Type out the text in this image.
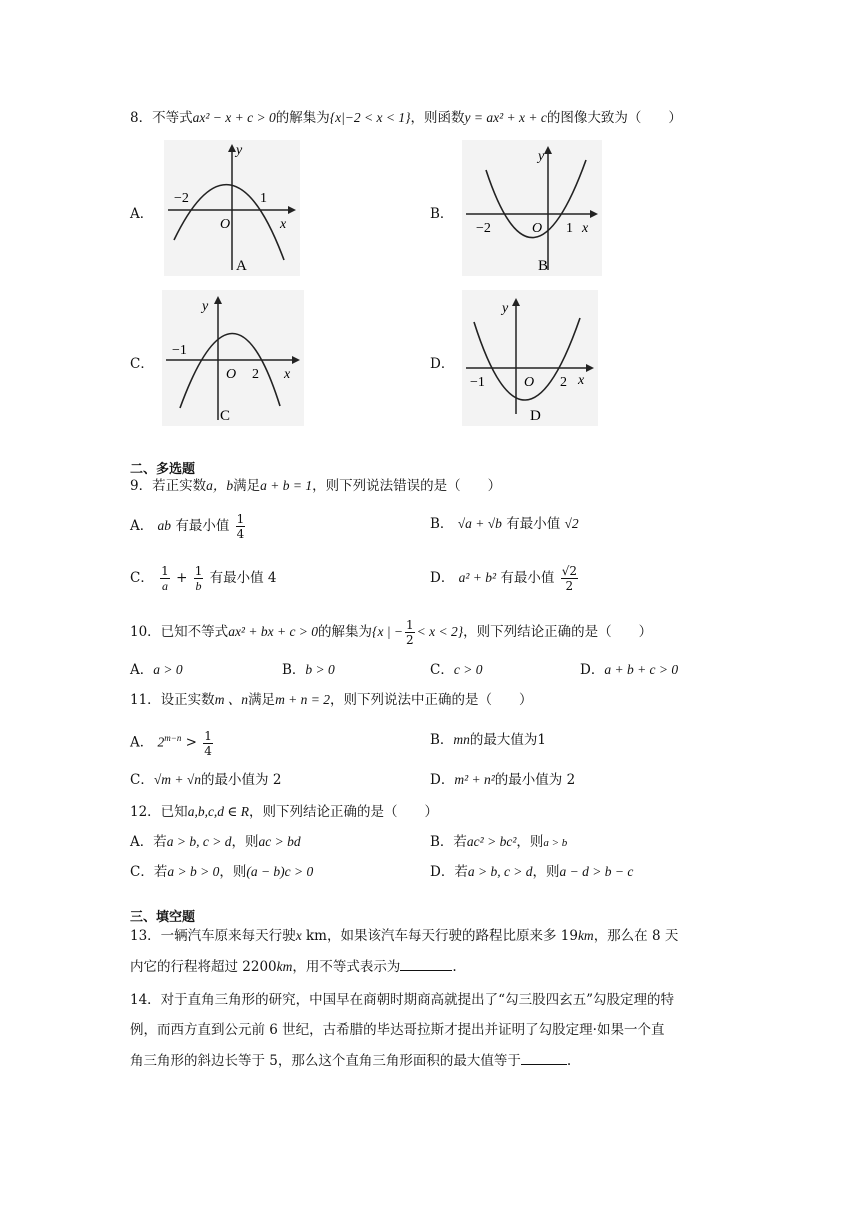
8．不等式ax² − x + c > 0的解集为{x|−2 < x < 1}，则函数y = ax² + x + c的图像大致为（　　）
A．
y
−2	1
O	x
A
B．
y
−2	O 1 x
B
C．
y
−1
O 2 x
C
D．
y
−1	O 2 x
D
二、多选题
9．若正实数a，b满足a + b = 1，则下列说法错误的是（　　）
A． ab 有最小值 $\frac{1}{4}$	B． √a + √b 有最小值 √2
C． $\frac{1}{a} + \frac{1}{b}$ 有最小值 4	D． a² + b² 有最小值 $\frac{√2}{2}$
10．已知不等式ax² + bx + c > 0的解集为{x | − $\frac{1}{2} < x < 2$}，则下列结论正确的是（　　）
A．a > 0	B．b > 0	C．c > 0	D．a + b + c > 0
11．设正实数m 、n满足m + n = 2，则下列说法中正确的是（　　）
A． $2^{m-n} > \frac{1}{4}$	B．mn的最大值为1
C．√m + √n的最小值为 2	D．m² + n²的最小值为 2
12．已知a,b,c,d ∈ R，则下列结论正确的是（　　）
A．若a > b, c > d，则ac > bd	B．若ac² > bc²，则a > b
C．若a > b > 0，则(a − b)c > 0	D．若a > b, c > d，则a − d > b − c
三、填空题
13．一辆汽车原来每天行驶x km，如果该汽车每天行驶的路程比原来多 19km，那么在 8 天
内它的行程将超过 2200km，用不等式表示为	.
14．对于直角三角形的研究，中国早在商朝时期商高就提出了“勾三股四玄五”勾股定理的特
例，而西方直到公元前 6 世纪，古希腊的毕达哥拉斯才提出并证明了勾股定理·如果一个直
角三角形的斜边长等于 5，那么这个直角三角形面积的最大值等于	.
